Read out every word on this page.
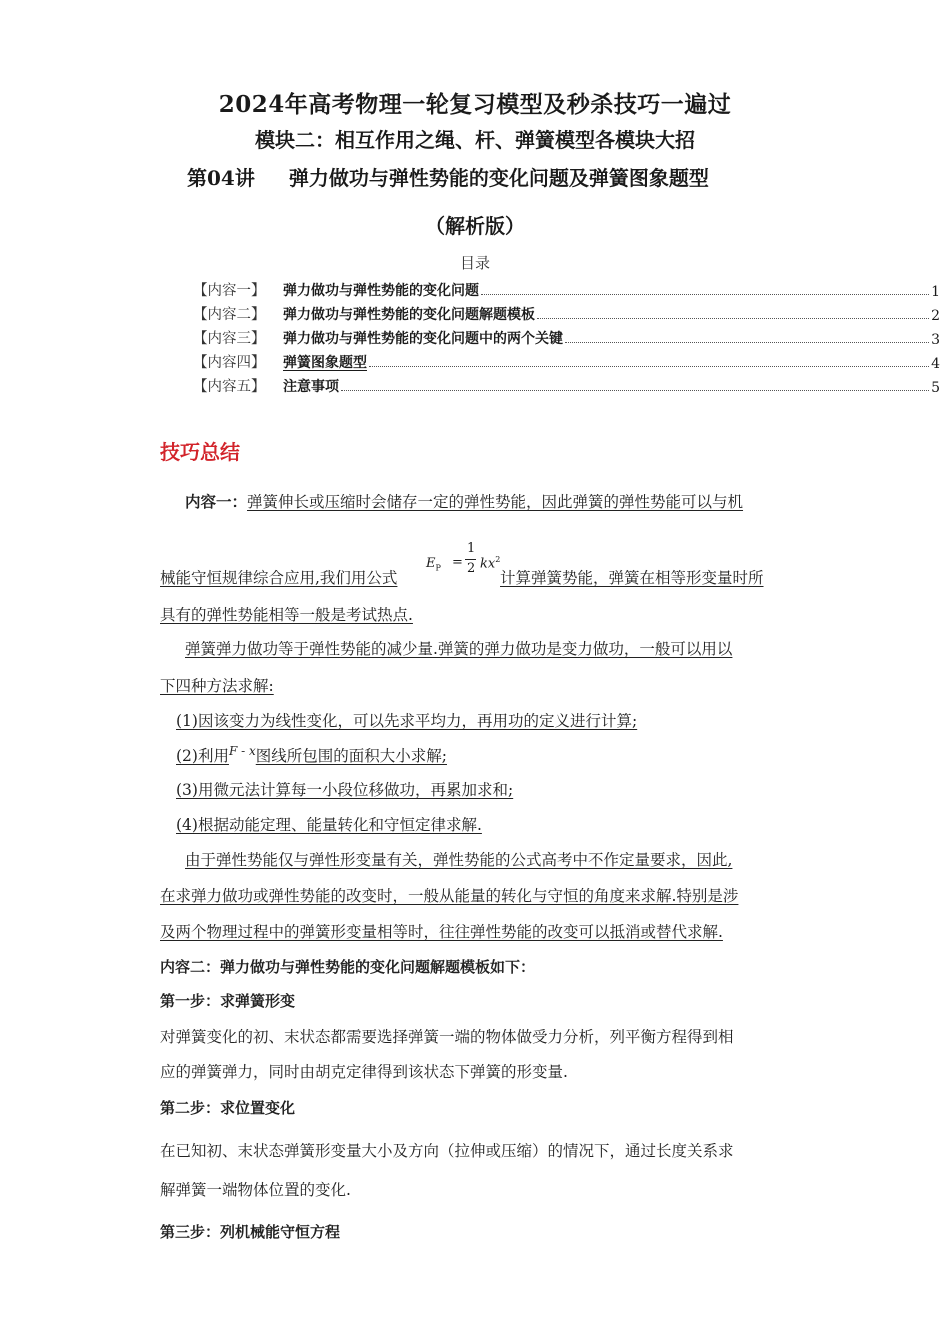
2024年高考物理一轮复习模型及秒杀技巧一遍过
模块二：相互作用之绳、杆、弹簧模型各模块大招
第04讲 弹力做功与弹性势能的变化问题及弹簧图象题型
（解析版）
目录
【内容一】	弹力做功与弹性势能的变化问题	1
【内容二】	弹力做功与弹性势能的变化问题解题模板	2
【内容三】	弹力做功与弹性势能的变化问题中的两个关键	3
【内容四】	弹簧图象题型	4
【内容五】	注意事项	5
技巧总结
内容一：弹簧伸长或压缩时会储存一定的弹性势能，因此弹簧的弹性势能可以与机
械能守恒规律综合应用,我们用公式
$E_P$ =
1
2 $kx^2$
计算弹簧势能，弹簧在相等形变量时所
具有的弹性势能相等一般是考试热点.
弹簧弹力做功等于弹性势能的减少量.弹簧的弹力做功是变力做功，一般可以用以
下四种方法求解:
(1)因该变力为线性变化，可以先求平均力，再用功的定义进行计算;
(2)利用$^{F - x}$图线所包围的面积大小求解;
(3)用微元法计算每一小段位移做功，再累加求和;
(4)根据动能定理、能量转化和守恒定律求解.
由于弹性势能仅与弹性形变量有关，弹性势能的公式高考中不作定量要求，因此,
在求弹力做功或弹性势能的改变时，一般从能量的转化与守恒的角度来求解.特别是涉
及两个物理过程中的弹簧形变量相等时，往往弹性势能的改变可以抵消或替代求解.
内容二：弹力做功与弹性势能的变化问题解题模板如下：
第一步：求弹簧形变
对弹簧变化的初、末状态都需要选择弹簧一端的物体做受力分析，列平衡方程得到相
应的弹簧弹力，同时由胡克定律得到该状态下弹簧的形变量.
第二步：求位置变化
在已知初、末状态弹簧形变量大小及方向（拉伸或压缩）的情况下，通过长度关系求
解弹簧一端物体位置的变化.
第三步：列机械能守恒方程
